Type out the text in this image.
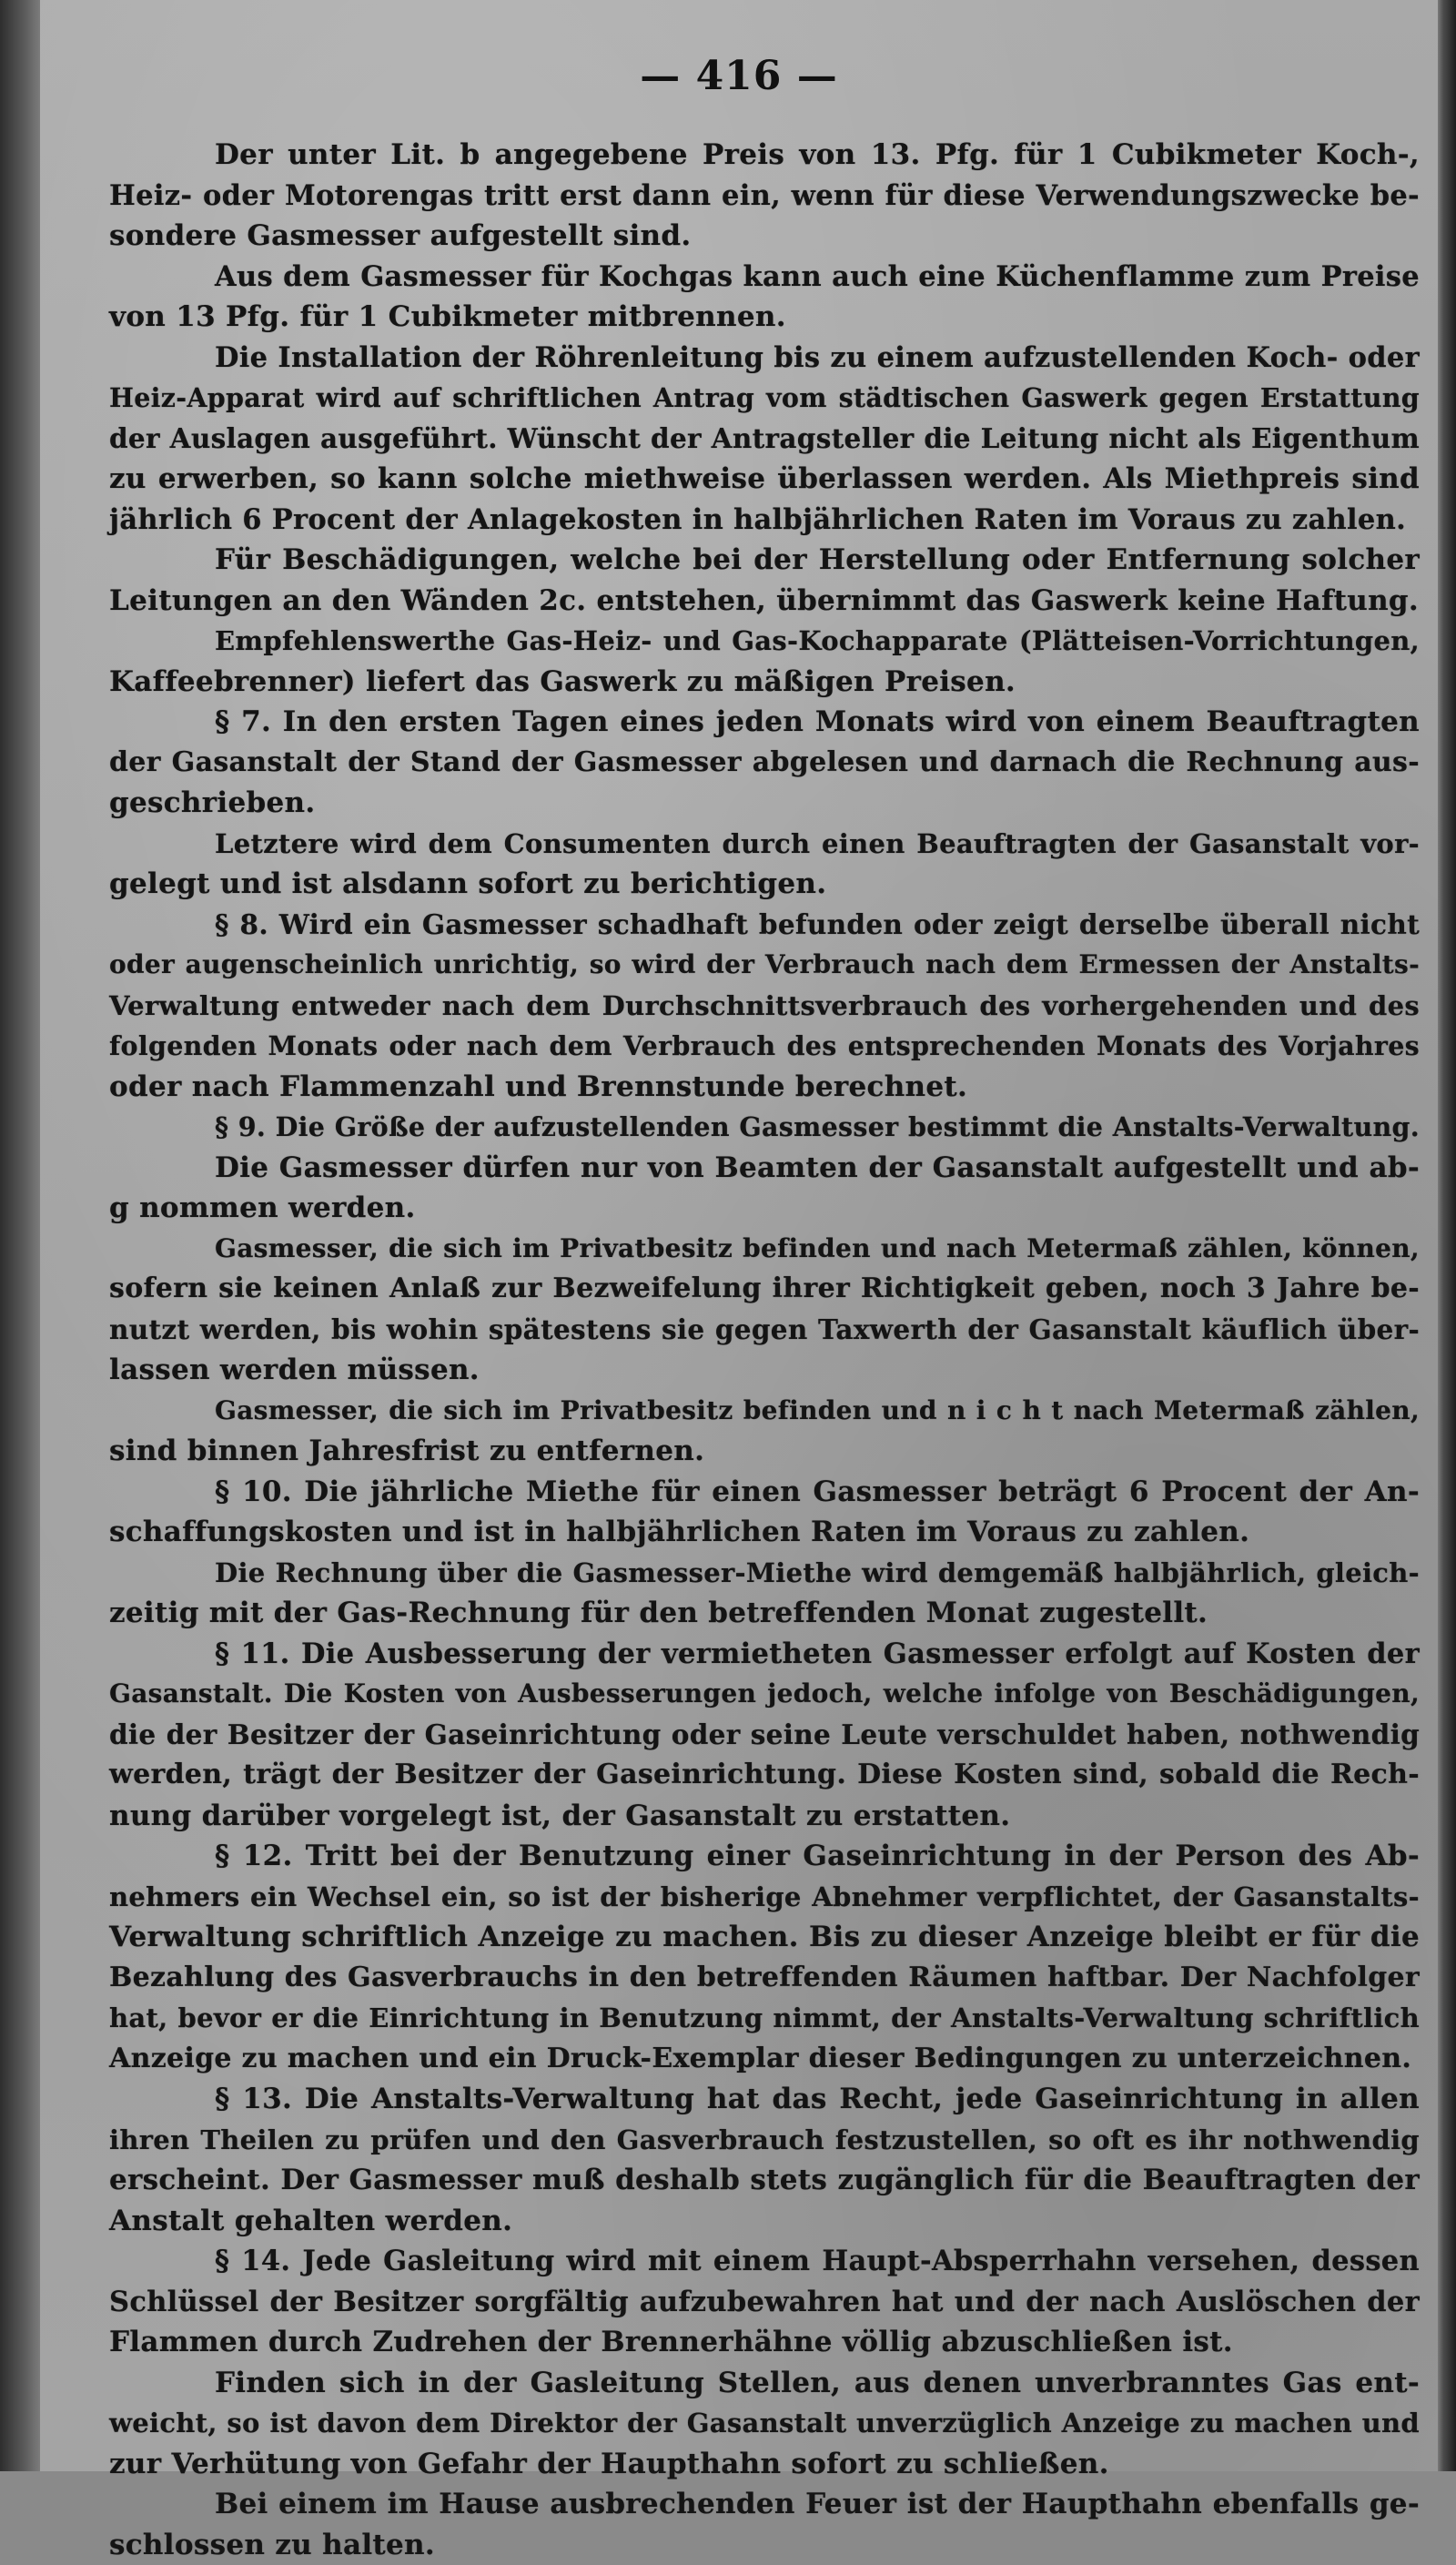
— 416 —
Der unter Lit. b angegebene Preis von 13. Pfg. für 1 Cubikmeter Koch-,
Heiz- oder Motorengas tritt erst dann ein, wenn für diese Verwendungszwecke be-
sondere Gasmesser aufgestellt sind.
Aus dem Gasmesser für Kochgas kann auch eine Küchenflamme zum Preise
von 13 Pfg. für 1 Cubikmeter mitbrennen.
Die Installation der Röhrenleitung bis zu einem aufzustellenden Koch- oder
Heiz-Apparat wird auf schriftlichen Antrag vom städtischen Gaswerk gegen Erstattung
der Auslagen ausgeführt. Wünscht der Antragsteller die Leitung nicht als Eigenthum
zu erwerben, so kann solche miethweise überlassen werden. Als Miethpreis sind
jährlich 6 Procent der Anlagekosten in halbjährlichen Raten im Voraus zu zahlen.
Für Beschädigungen, welche bei der Herstellung oder Entfernung solcher
Leitungen an den Wänden 2c. entstehen, übernimmt das Gaswerk keine Haftung.
Empfehlenswerthe Gas-Heiz- und Gas-Kochapparate (Plätteisen-Vorrichtungen,
Kaffeebrenner) liefert das Gaswerk zu mäßigen Preisen.
§ 7. In den ersten Tagen eines jeden Monats wird von einem Beauftragten
der Gasanstalt der Stand der Gasmesser abgelesen und darnach die Rechnung aus-
geschrieben.
Letztere wird dem Consumenten durch einen Beauftragten der Gasanstalt vor-
gelegt und ist alsdann sofort zu berichtigen.
§ 8. Wird ein Gasmesser schadhaft befunden oder zeigt derselbe überall nicht
oder augenscheinlich unrichtig, so wird der Verbrauch nach dem Ermessen der Anstalts-
Verwaltung entweder nach dem Durchschnittsverbrauch des vorhergehenden und des
folgenden Monats oder nach dem Verbrauch des entsprechenden Monats des Vorjahres
oder nach Flammenzahl und Brennstunde berechnet.
§ 9. Die Größe der aufzustellenden Gasmesser bestimmt die Anstalts-Verwaltung.
Die Gasmesser dürfen nur von Beamten der Gasanstalt aufgestellt und ab-
g nommen werden.
Gasmesser, die sich im Privatbesitz befinden und nach Metermaß zählen, können,
sofern sie keinen Anlaß zur Bezweifelung ihrer Richtigkeit geben, noch 3 Jahre be-
nutzt werden, bis wohin spätestens sie gegen Taxwerth der Gasanstalt käuflich über-
lassen werden müssen.
Gasmesser, die sich im Privatbesitz befinden und n i c h t nach Metermaß zählen,
sind binnen Jahresfrist zu entfernen.
§ 10. Die jährliche Miethe für einen Gasmesser beträgt 6 Procent der An-
schaffungskosten und ist in halbjährlichen Raten im Voraus zu zahlen.
Die Rechnung über die Gasmesser-Miethe wird demgemäß halbjährlich, gleich-
zeitig mit der Gas-Rechnung für den betreffenden Monat zugestellt.
§ 11. Die Ausbesserung der vermietheten Gasmesser erfolgt auf Kosten der
Gasanstalt. Die Kosten von Ausbesserungen jedoch, welche infolge von Beschädigungen,
die der Besitzer der Gaseinrichtung oder seine Leute verschuldet haben, nothwendig
werden, trägt der Besitzer der Gaseinrichtung. Diese Kosten sind, sobald die Rech-
nung darüber vorgelegt ist, der Gasanstalt zu erstatten.
§ 12. Tritt bei der Benutzung einer Gaseinrichtung in der Person des Ab-
nehmers ein Wechsel ein, so ist der bisherige Abnehmer verpflichtet, der Gasanstalts-
Verwaltung schriftlich Anzeige zu machen. Bis zu dieser Anzeige bleibt er für die
Bezahlung des Gasverbrauchs in den betreffenden Räumen haftbar. Der Nachfolger
hat, bevor er die Einrichtung in Benutzung nimmt, der Anstalts-Verwaltung schriftlich
Anzeige zu machen und ein Druck-Exemplar dieser Bedingungen zu unterzeichnen.
§ 13. Die Anstalts-Verwaltung hat das Recht, jede Gaseinrichtung in allen
ihren Theilen zu prüfen und den Gasverbrauch festzustellen, so oft es ihr nothwendig
erscheint. Der Gasmesser muß deshalb stets zugänglich für die Beauftragten der
Anstalt gehalten werden.
§ 14. Jede Gasleitung wird mit einem Haupt-Absperrhahn versehen, dessen
Schlüssel der Besitzer sorgfältig aufzubewahren hat und der nach Auslöschen der
Flammen durch Zudrehen der Brennerhähne völlig abzuschließen ist.
Finden sich in der Gasleitung Stellen, aus denen unverbranntes Gas ent-
weicht, so ist davon dem Direktor der Gasanstalt unverzüglich Anzeige zu machen und
zur Verhütung von Gefahr der Haupthahn sofort zu schließen.
Bei einem im Hause ausbrechenden Feuer ist der Haupthahn ebenfalls ge-
schlossen zu halten.
